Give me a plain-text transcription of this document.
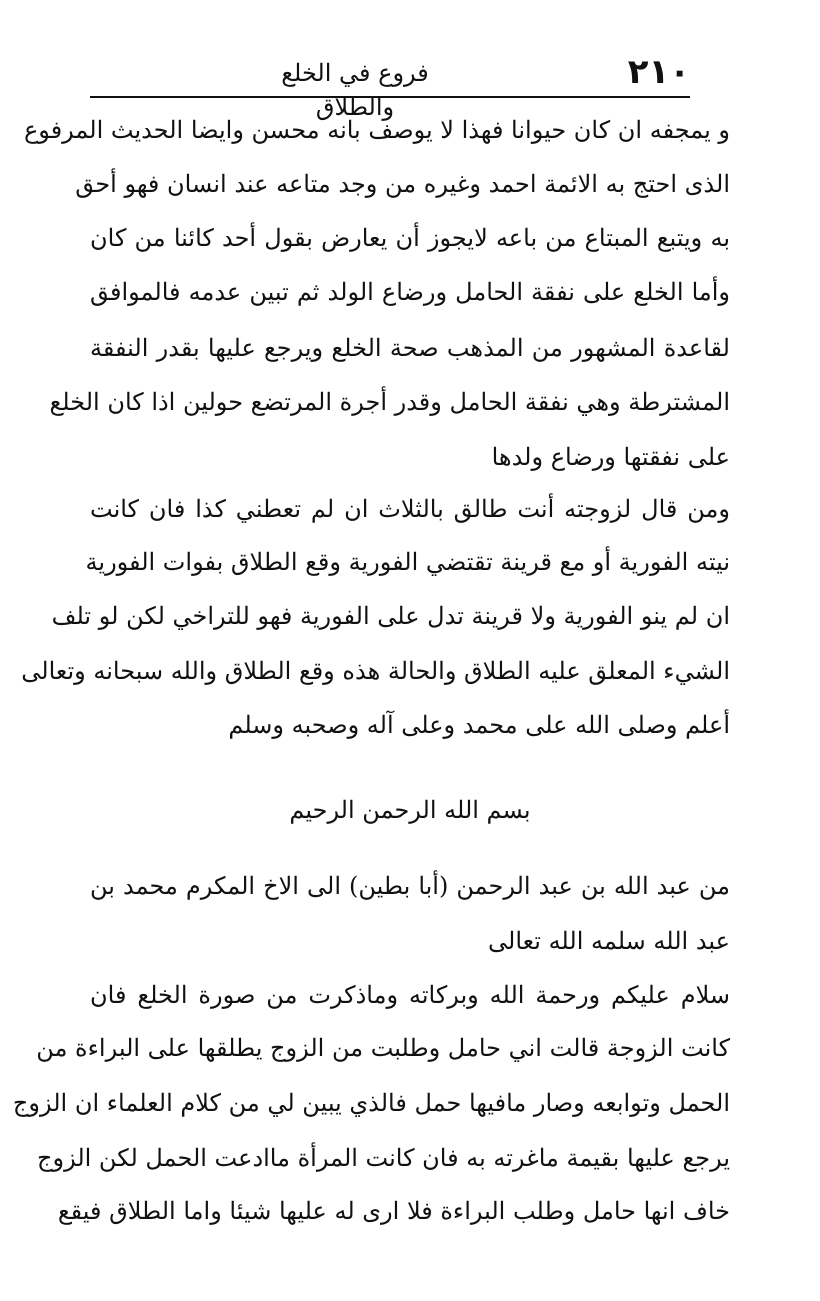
٢١٠
فروع في الخلع والطلاق
و يمجفه ان كان حيوانا فهذا لا يوصف بانه محسن وايضا الحديث المرفوع
الذى احتج به الائمة احمد وغيره من وجد متاعه عند انسان فهو أحق
به ويتبع المبتاع من باعه لايجوز أن يعارض بقول أحد كائنا من كان
وأما الخلع على نفقة الحامل ورضاع الولد ثم تبين عدمه فالموافق
لقاعدة المشهور من المذهب صحة الخلع ويرجع عليها بقدر النفقة
المشترطة وهي نفقة الحامل وقدر أجرة المرتضع حولين اذا كان الخلع
على نفقتها ورضاع ولدها
ومن قال لزوجته أنت طالق بالثلاث ان لم تعطني كذا فان كانت
نيته الفورية أو مع قرينة تقتضي الفورية وقع الطلاق بفوات الفورية
ان لم ينو الفورية ولا قرينة تدل على الفورية فهو للتراخي لكن لو تلف
الشيء المعلق عليه الطلاق والحالة هذه وقع الطلاق والله سبحانه وتعالى
أعلم وصلى الله على محمد وعلى آله وصحبه وسلم
بسم الله الرحمن الرحيم
من عبد الله بن عبد الرحمن (أبا بطين) الى الاخ المكرم محمد بن
عبد الله سلمه الله تعالى
سلام عليكم ورحمة الله وبركاته وماذكرت من صورة الخلع فان
كانت الزوجة قالت اني حامل وطلبت من الزوج يطلقها على البراءة من
الحمل وتوابعه وصار مافيها حمل فالذي يبين لي من كلام العلماء ان الزوج
يرجع عليها بقيمة ماغرته به فان كانت المرأة ماادعت الحمل لكن الزوج
خاف انها حامل وطلب البراءة فلا ارى له عليها شيئا واما الطلاق فيقع
